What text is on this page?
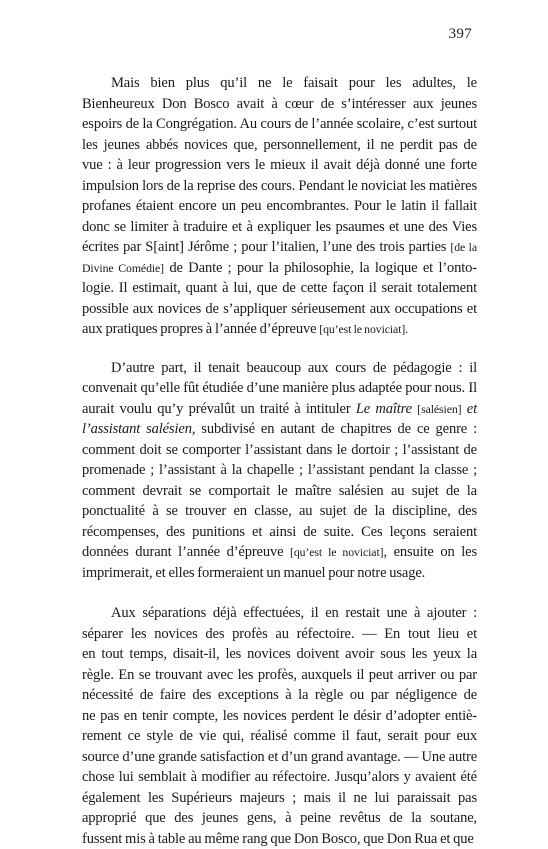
397

Mais bien plus qu’il ne le faisait pour les adultes, le
Bienheureux Don Bosco avait à cœur de s’intéresser aux jeunes
espoirs de la Congrégation. Au cours de l’année scolaire, c’est surtout
les jeunes abbés novices que, personnellement, il ne perdit pas de
vue : à leur progression vers le mieux il avait déjà donné une forte
impulsion lors de la reprise des cours. Pendant le noviciat les matières
profanes étaient encore un peu encombrantes. Pour le latin il fallait
donc se limiter à traduire et à expliquer les psaumes et une des Vies
écrites par S[aint] Jérôme ; pour l’italien, l’une des trois parties [de la
Divine Comédie] de Dante ; pour la philosophie, la logique et l’onto-
logie. Il estimait, quant à lui, que de cette façon il serait totalement
possible aux novices de s’appliquer sérieusement aux occupations et
aux pratiques propres à l’année d’épreuve [qu’est le noviciat].

D’autre part, il tenait beaucoup aux cours de pédagogie : il
convenait qu’elle fût étudiée d’une manière plus adaptée pour nous. Il
aurait voulu qu’y prévalût un traité à intituler Le maître [salésien] et
l’assistant salésien, subdivisé en autant de chapitres de ce genre :
comment doit se comporter l’assistant dans le dortoir ; l’assistant de
promenade ; l’assistant à la chapelle ; l’assistant pendant la classe ;
comment devrait se comportait le maître salésien au sujet de la
ponctualité à se trouver en classe, au sujet de la discipline, des
récompenses, des punitions et ainsi de suite. Ces leçons seraient
données durant l’année d’épreuve [qu’est le noviciat], ensuite on les
imprimerait, et elles formeraient un manuel pour notre usage.

Aux séparations déjà effectuées, il en restait une à ajouter :
séparer les novices des profès au réfectoire. — En tout lieu et
en tout temps, disait-il, les novices doivent avoir sous les yeux la
règle. En se trouvant avec les profès, auxquels il peut arriver ou par
nécessité de faire des exceptions à la règle ou par négligence de
ne pas en tenir compte, les novices perdent le désir d’adopter entiè-
rement ce style de vie qui, réalisé comme il faut, serait pour eux
source d’une grande satisfaction et d’un grand avantage. — Une autre
chose lui semblait à modifier au réfectoire. Jusqu’alors y avaient été
également les Supérieurs majeurs ; mais il ne lui paraissait pas
approprié que des jeunes gens, à peine revêtus de la soutane,
fussent mis à table au même rang que Don Bosco, que Don Rua et que
